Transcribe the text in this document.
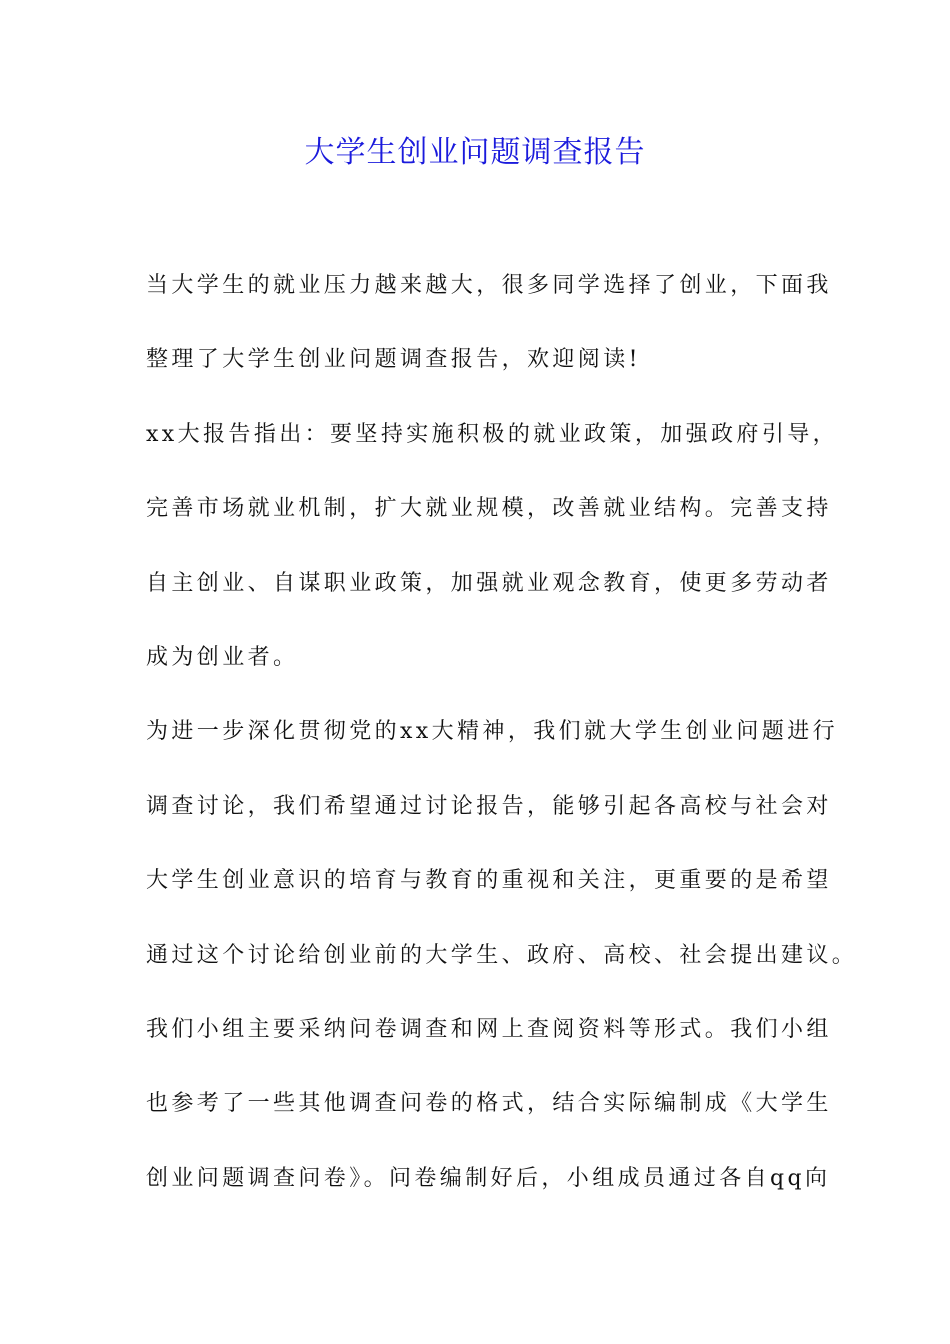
大学生创业问题调查报告
当大学生的就业压力越来越大，很多同学选择了创业，下面我
整理了大学生创业问题调查报告，欢迎阅读!
xx大报告指出：要坚持实施积极的就业政策，加强政府引导，
完善市场就业机制，扩大就业规模，改善就业结构。完善支持
自主创业、自谋职业政策，加强就业观念教育，使更多劳动者
成为创业者。
为进一步深化贯彻党的xx大精神，我们就大学生创业问题进行
调查讨论，我们希望通过讨论报告，能够引起各高校与社会对
大学生创业意识的培育与教育的重视和关注，更重要的是希望
通过这个讨论给创业前的大学生、政府、高校、社会提出建议。
我们小组主要采纳问卷调查和网上查阅资料等形式。我们小组
也参考了一些其他调查问卷的格式，结合实际编制成《大学生
创业问题调查问卷》。问卷编制好后，小组成员通过各自qq向
